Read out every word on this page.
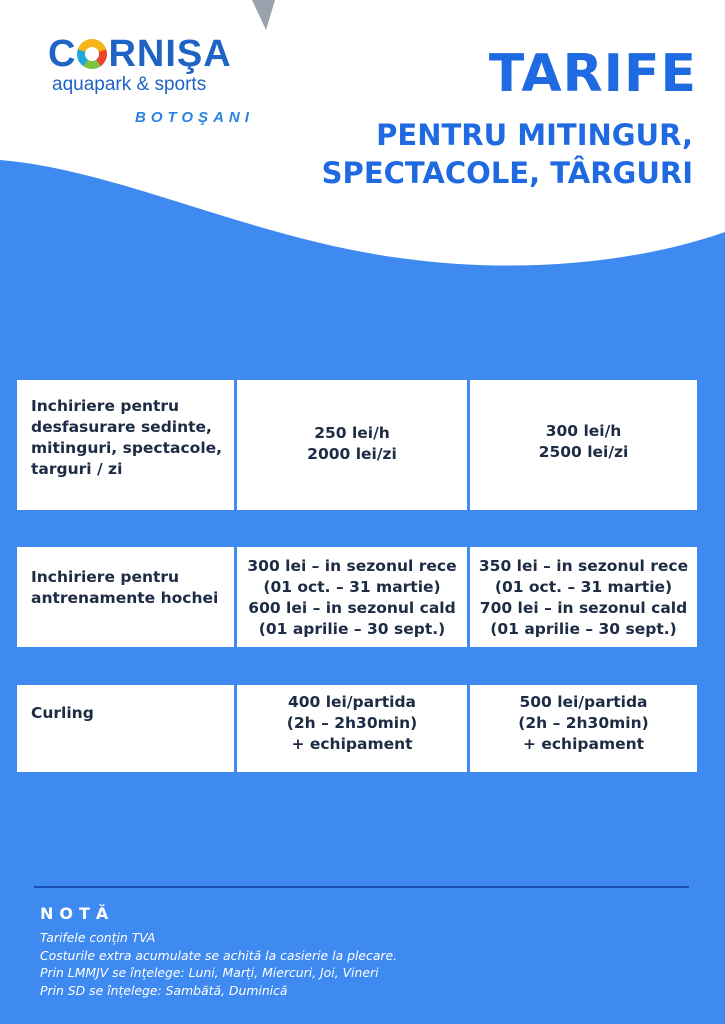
C RNIŞA
aquapark & sports
BOTOŞANI
TARIFE
PENTRU MITINGUR,
SPECTACOLE, TÂRGURI
Inchiriere pentru
desfasurare sedinte,
mitinguri, spectacole,
targuri / zi
250 lei/h
2000 lei/zi
300 lei/h
2500 lei/zi
Inchiriere pentru
antrenamente hochei
300 lei – in sezonul rece
(01 oct. – 31 martie)
600 lei – in sezonul cald
(01 aprilie – 30 sept.)
350 lei – in sezonul rece
(01 oct. – 31 martie)
700 lei – in sezonul cald
(01 aprilie – 30 sept.)
Curling
400 lei/partida
(2h – 2h30min)
+ echipament
500 lei/partida
(2h – 2h30min)
+ echipament
NOTĂ
Tarifele conțin TVA
Costurile extra acumulate se achită la casierie la plecare.
Prin LMMJV se înțelege: Luni, Marți, Miercuri, Joi, Vineri
Prin SD se înțelege: Sambătă, Duminică
